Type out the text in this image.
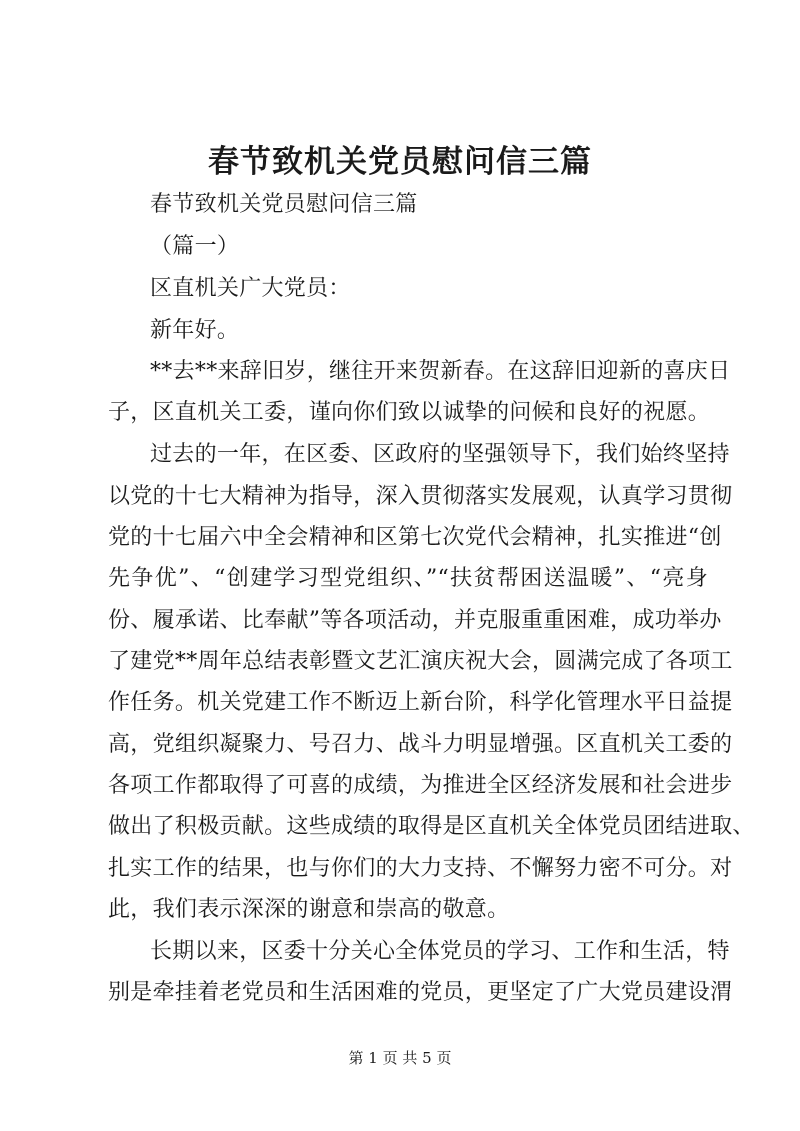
春节致机关党员慰问信三篇
春节致机关党员慰问信三篇
（篇一）
区直机关广大党员：
新年好。
**去**来辞旧岁，继往开来贺新春。在这辞旧迎新的喜庆日
子，区直机关工委，谨向你们致以诚挚的问候和良好的祝愿。
过去的一年，在区委、区政府的坚强领导下，我们始终坚持
以党的十七大精神为指导，深入贯彻落实发展观，认真学习贯彻
党的十七届六中全会精神和区第七次党代会精神，扎实推进“创
先争优”、“创建学习型党组织、”“扶贫帮困送温暖”、“亮身
份、履承诺、比奉献”等各项活动，并克服重重困难，成功举办
了建党**周年总结表彰暨文艺汇演庆祝大会，圆满完成了各项工
作任务。机关党建工作不断迈上新台阶，科学化管理水平日益提
高，党组织凝聚力、号召力、战斗力明显增强。区直机关工委的
各项工作都取得了可喜的成绩，为推进全区经济发展和社会进步
做出了积极贡献。这些成绩的取得是区直机关全体党员团结进取、
扎实工作的结果，也与你们的大力支持、不懈努力密不可分。对
此，我们表示深深的谢意和崇高的敬意。
长期以来，区委十分关心全体党员的学习、工作和生活，特
别是牵挂着老党员和生活困难的党员，更坚定了广大党员建设渭
第 1 页 共 5 页
